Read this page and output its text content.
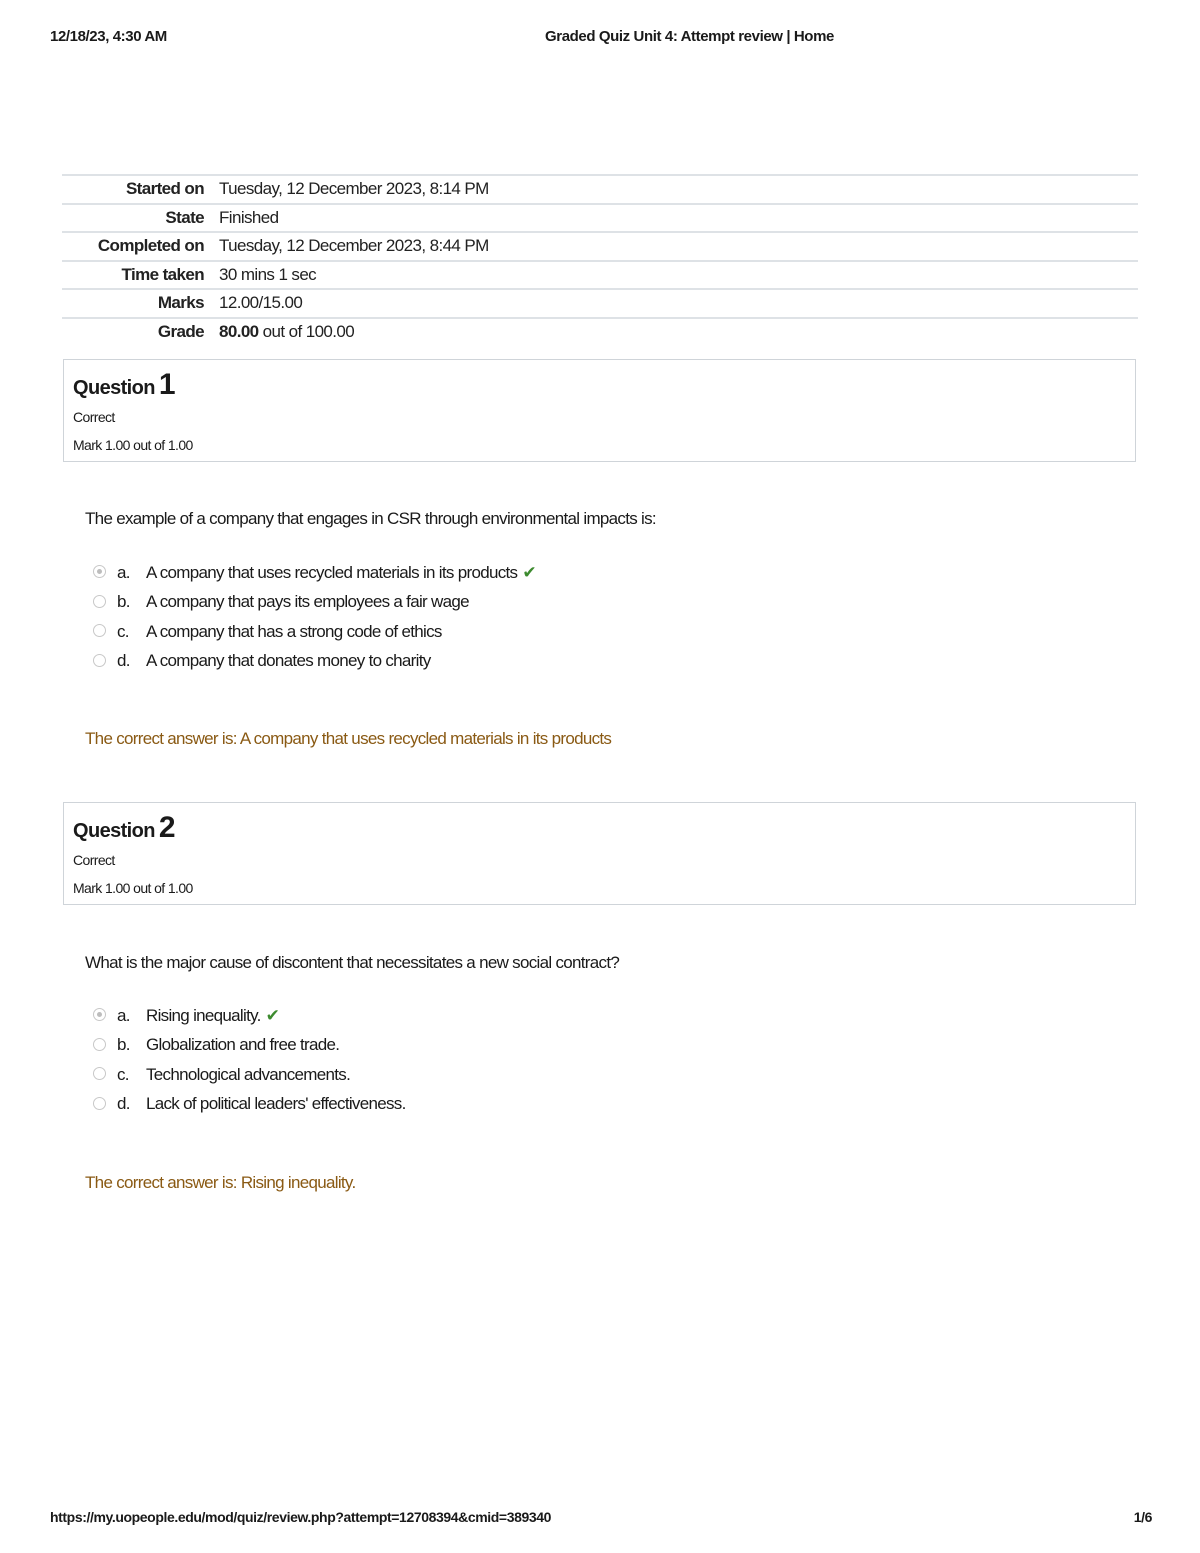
12/18/23, 4:30 AM	Graded Quiz Unit 4: Attempt review | Home
Started on Tuesday, 12 December 2023, 8:14 PM
State Finished
Completed on Tuesday, 12 December 2023, 8:44 PM
Time taken 30 mins 1 sec
Marks 12.00/15.00
Grade 80.00 out of 100.00
Question 1
Correct
Mark 1.00 out of 1.00
The example of a company that engages in CSR through environmental impacts is:
a. A company that uses recycled materials in its products ✔
b. A company that pays its employees a fair wage
c.	A company that has a strong code of ethics
d. A company that donates money to charity
The correct answer is: A company that uses recycled materials in its products
Question 2
Correct
Mark 1.00 out of 1.00
What is the major cause of discontent that necessitates a new social contract?
a. Rising inequality. ✔
b. Globalization and free trade.
c.	Technological advancements.
d. Lack of political leaders' effectiveness.
The correct answer is: Rising inequality.
https://my.uopeople.edu/mod/quiz/review.php?attempt=12708394&cmid=389340	1/6
